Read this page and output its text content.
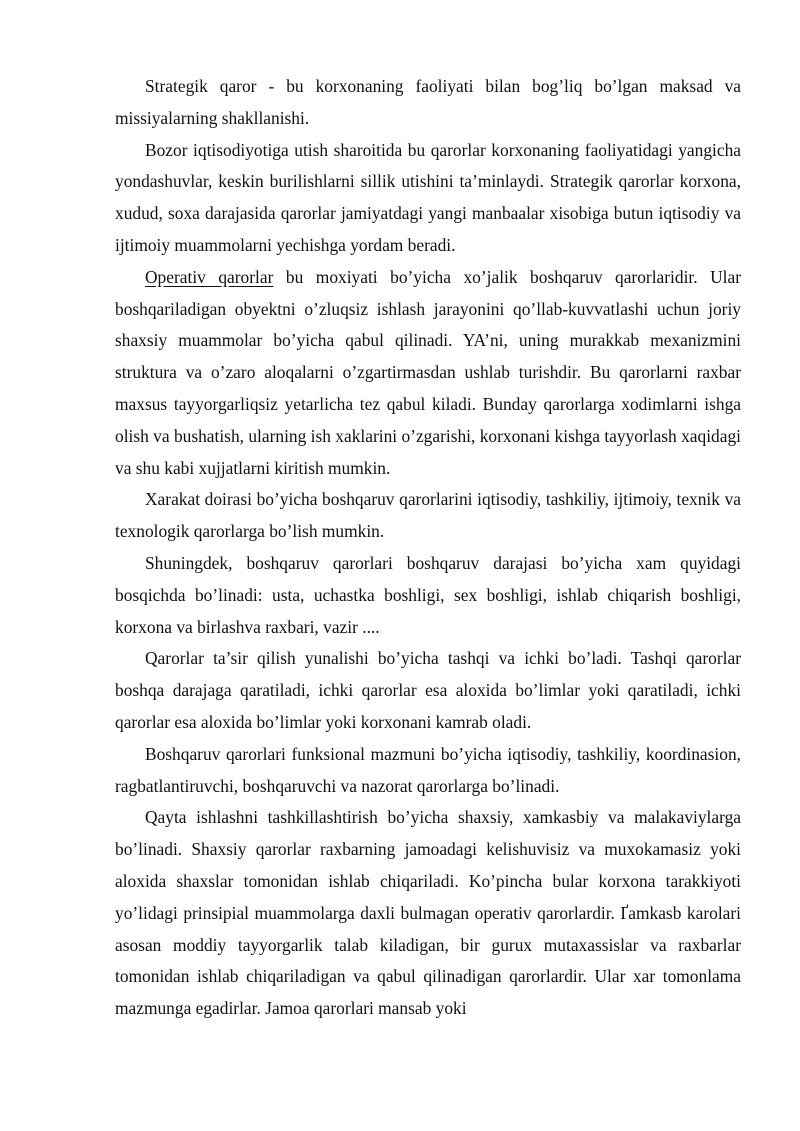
Strategik qaror - bu korxonaning faoliyati bilan bog’liq bo’lgan maksad va missiyalarning shakllanishi.

Bozor iqtisodiyotiga utish sharoitida bu qarorlar korxonaning faoliyatidagi yangicha yondashuvlar, keskin burilishlarni sillik utishini ta’minlaydi. Strategik qarorlar korxona, xudud, soxa darajasida qarorlar jamiyatdagi yangi manbaalar xisobiga butun iqtisodiy va ijtimoiy muammolarni yechishga yordam beradi.

Operativ qarorlar bu moxiyati bo’yicha xo’jalik boshqaruv qarorlaridir. Ular boshqariladigan obyektni o’zluqsiz ishlash jarayonini qo’llab-kuvvatlashi uchun joriy shaxsiy muammolar bo’yicha qabul qilinadi. YA’ni, uning murakkab mexanizmini struktura va o’zaro aloqalarni o’zgartirmasdan ushlab turishdir. Bu qarorlarni raxbar maxsus tayyorgarliqsiz yetarlicha tez qabul kiladi. Bunday qarorlarga xodimlarni ishga olish va bushatish, ularning ish xaklarini o’zgarishi, korxonani kishga tayyorlash xaqidagi va shu kabi xujjatlarni kiritish mumkin.

Xarakat doirasi bo’yicha boshqaruv qarorlarini iqtisodiy, tashkiliy, ijtimoiy, texnik va texnologik qarorlarga bo’lish mumkin.

Shuningdek, boshqaruv qarorlari boshqaruv darajasi bo’yicha xam quyidagi bosqichda bo’linadi: usta, uchastka boshligi, sex boshligi, ishlab chiqarish boshligi, korxona va birlashva raxbari, vazir ....

Qarorlar ta’sir qilish yunalishi bo’yicha tashqi va ichki bo’ladi. Tashqi qarorlar boshqa darajaga qaratiladi, ichki qarorlar esa aloxida bo’limlar yoki qaratiladi, ichki qarorlar esa aloxida bo’limlar yoki korxonani kamrab oladi.

Boshqaruv qarorlari funksional mazmuni bo’yicha iqtisodiy, tashkiliy, koordinasion, ragbatlantiruvchi, boshqaruvchi va nazorat qarorlarga bo’linadi.

Qayta ishlashni tashkillashtirish bo’yicha shaxsiy, xamkasbiy va malakaviylarga bo’linadi. Shaxsiy qarorlar raxbarning jamoadagi kelishuvisiz va muxokamasiz yoki aloxida shaxslar tomonidan ishlab chiqariladi. Ko’pincha bular korxona tarakkiyoti yo’lidagi prinsipial muammolarga daxli bulmagan operativ qarorlardir. Ґamkasb karolari asosan moddiy tayyorgarlik talab kiladigan, bir gurux mutaxassislar va raxbarlar tomonidan ishlab chiqariladigan va qabul qilinadigan qarorlardir. Ular xar tomonlama mazmunga egadirlar. Jamoa qarorlari mansab yoki
